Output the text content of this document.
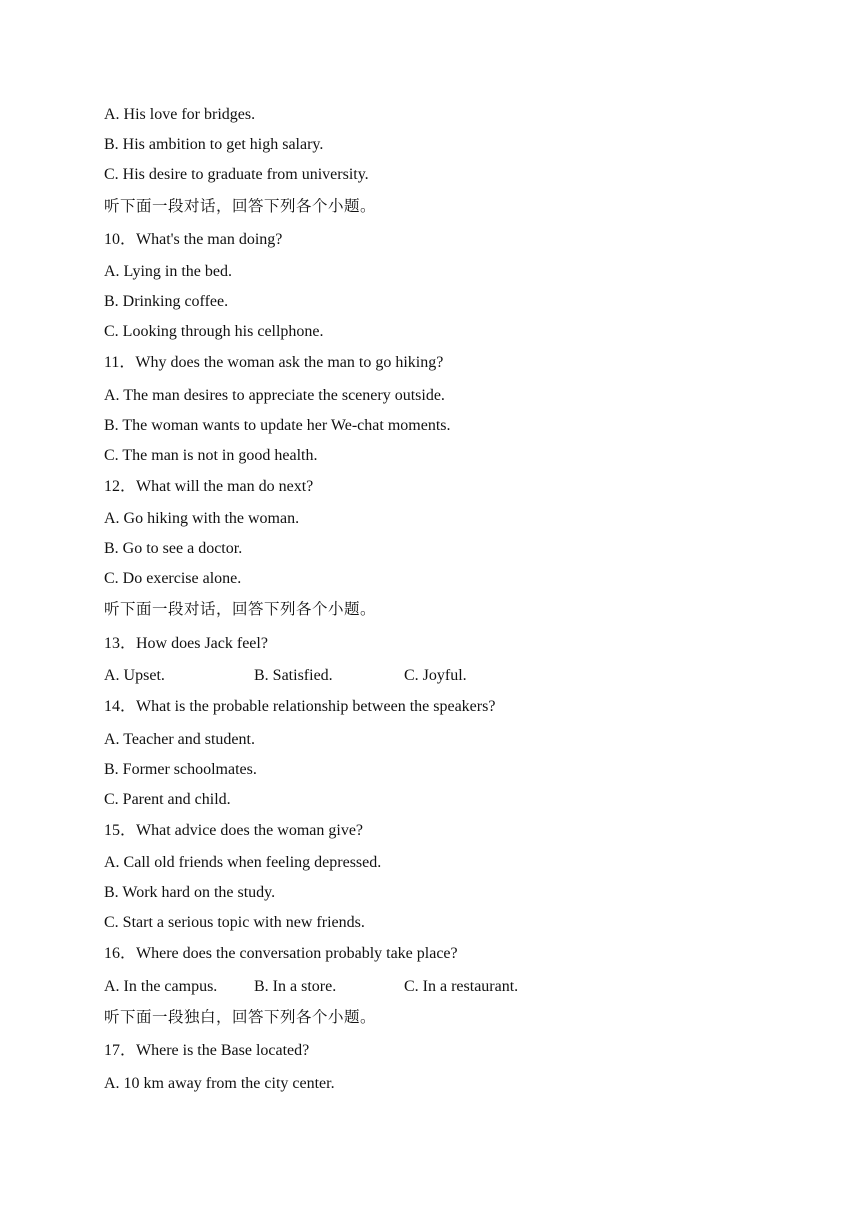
A. His love for bridges.
B. His ambition to get high salary.
C. His desire to graduate from university.
听下面一段对话，回答下列各个小题。
10．What's the man doing?
A. Lying in the bed.
B. Drinking coffee.
C. Looking through his cellphone.
11．Why does the woman ask the man to go hiking?
A. The man desires to appreciate the scenery outside.
B. The woman wants to update her We-chat moments.
C. The man is not in good health.
12．What will the man do next?
A. Go hiking with the woman.
B. Go to see a doctor.
C. Do exercise alone.
听下面一段对话，回答下列各个小题。
13．How does Jack feel?
A. Upset.	B. Satisfied.	C. Joyful.
14．What is the probable relationship between the speakers?
A. Teacher and student.
B. Former schoolmates.
C. Parent and child.
15．What advice does the woman give?
A. Call old friends when feeling depressed.
B. Work hard on the study.
C. Start a serious topic with new friends.
16．Where does the conversation probably take place?
A. In the campus. B. In a store.	C. In a restaurant.
听下面一段独白，回答下列各个小题。
17．Where is the Base located?
A. 10 km away from the city center.
